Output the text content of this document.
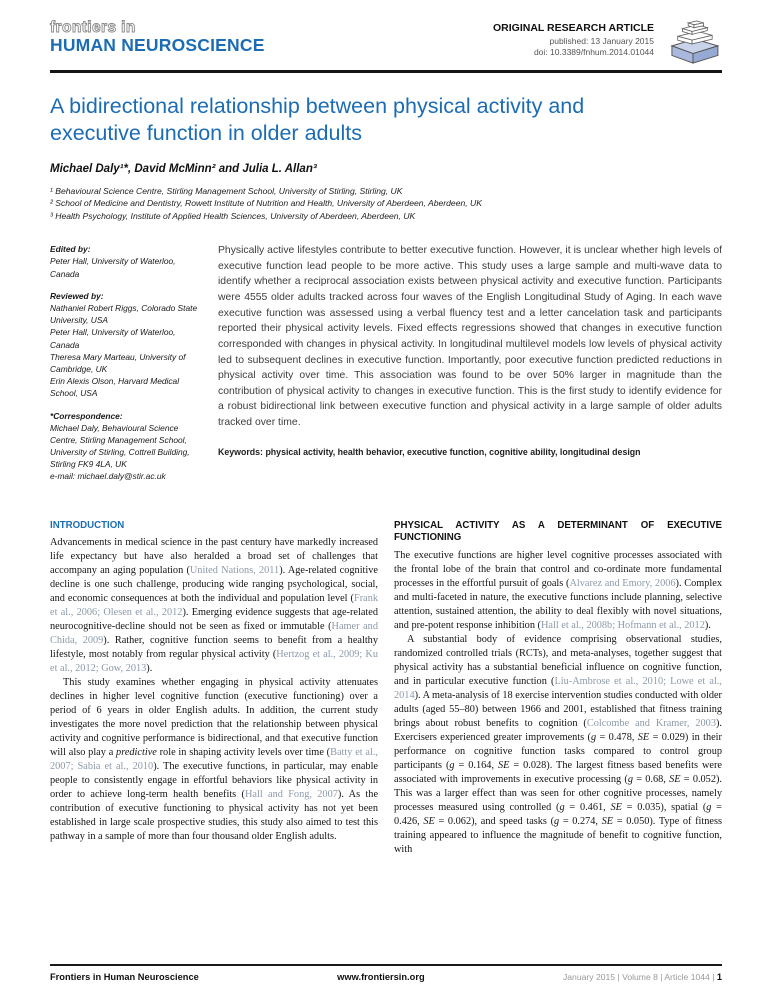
frontiers in
HUMAN NEUROSCIENCE
ORIGINAL RESEARCH ARTICLE
published: 13 January 2015
doi: 10.3389/fnhum.2014.01044
A bidirectional relationship between physical activity and executive function in older adults
Michael Daly¹*, David McMinn² and Julia L. Allan³
¹ Behavioural Science Centre, Stirling Management School, University of Stirling, Stirling, UK
² School of Medicine and Dentistry, Rowett Institute of Nutrition and Health, University of Aberdeen, Aberdeen, UK
³ Health Psychology, Institute of Applied Health Sciences, University of Aberdeen, Aberdeen, UK
Edited by:
Peter Hall, University of Waterloo, Canada
Reviewed by:
Nathaniel Robert Riggs, Colorado State University, USA
Peter Hall, University of Waterloo, Canada
Theresa Mary Marteau, University of Cambridge, UK
Erin Alexis Olson, Harvard Medical School, USA
*Correspondence:
Michael Daly, Behavioural Science Centre, Stirling Management School, University of Stirling, Cottrell Building, Stirling FK9 4LA, UK
e-mail: michael.daly@stir.ac.uk
Physically active lifestyles contribute to better executive function. However, it is unclear whether high levels of executive function lead people to be more active. This study uses a large sample and multi-wave data to identify whether a reciprocal association exists between physical activity and executive function. Participants were 4555 older adults tracked across four waves of the English Longitudinal Study of Aging. In each wave executive function was assessed using a verbal fluency test and a letter cancelation task and participants reported their physical activity levels. Fixed effects regressions showed that changes in executive function corresponded with changes in physical activity. In longitudinal multilevel models low levels of physical activity led to subsequent declines in executive function. Importantly, poor executive function predicted reductions in physical activity over time. This association was found to be over 50% larger in magnitude than the contribution of physical activity to changes in executive function. This is the first study to identify evidence for a robust bidirectional link between executive function and physical activity in a large sample of older adults tracked over time.
Keywords: physical activity, health behavior, executive function, cognitive ability, longitudinal design
INTRODUCTION

Advancements in medical science in the past century have markedly increased life expectancy but have also heralded a broad set of challenges that accompany an aging population (United Nations, 2011). Age-related cognitive decline is one such challenge, producing wide ranging psychological, social, and economic consequences at both the individual and population level (Frank et al., 2006; Olesen et al., 2012). Emerging evidence suggests that age-related neurocognitive-decline should not be seen as fixed or immutable (Hamer and Chida, 2009). Rather, cognitive function seems to benefit from a healthy lifestyle, most notably from regular physical activity (Hertzog et al., 2009; Ku et al., 2012; Gow, 2013).

This study examines whether engaging in physical activity attenuates declines in higher level cognitive function (executive functioning) over a period of 6 years in older English adults. In addition, the current study investigates the more novel prediction that the relationship between physical activity and cognitive performance is bidirectional, and that executive function will also play a predictive role in shaping activity levels over time (Batty et al., 2007; Sabia et al., 2010). The executive functions, in particular, may enable people to consistently engage in effortful behaviors like physical activity in order to achieve long-term health benefits (Hall and Fong, 2007). As the contribution of executive functioning to physical activity has not yet been established in large scale prospective studies, this study also aimed to test this pathway in a sample of more than four thousand older English adults.

PHYSICAL ACTIVITY AS A DETERMINANT OF EXECUTIVE FUNCTIONING

The executive functions are higher level cognitive processes associated with the frontal lobe of the brain that control and co-ordinate more fundamental processes in the effortful pursuit of goals (Alvarez and Emory, 2006). Complex and multi-faceted in nature, the executive functions include planning, selective attention, sustained attention, the ability to deal flexibly with novel situations, and pre-potent response inhibition (Hall et al., 2008b; Hofmann et al., 2012).

A substantial body of evidence comprising observational studies, randomized controlled trials (RCTs), and meta-analyses, together suggest that physical activity has a substantial beneficial influence on cognitive function, and in particular executive function (Liu-Ambrose et al., 2010; Lowe et al., 2014). A meta-analysis of 18 exercise intervention studies conducted with older adults (aged 55–80) between 1966 and 2001, established that fitness training brings about robust benefits to cognition (Colcombe and Kramer, 2003). Exercisers experienced greater improvements (g = 0.478, SE = 0.029) in their performance on cognitive function tasks compared to control group participants (g = 0.164, SE = 0.028). The largest fitness based benefits were associated with improvements in executive processing (g = 0.68, SE = 0.052). This was a larger effect than was seen for other cognitive processes, namely processes measured using controlled (g = 0.461, SE = 0.035), spatial (g = 0.426, SE = 0.062), and speed tasks (g = 0.274, SE = 0.050). Type of fitness training appeared to influence the magnitude of benefit to cognitive function, with

Frontiers in Human Neuroscience	www.frontiersin.org	January 2015 | Volume 8 | Article 1044 | 1
